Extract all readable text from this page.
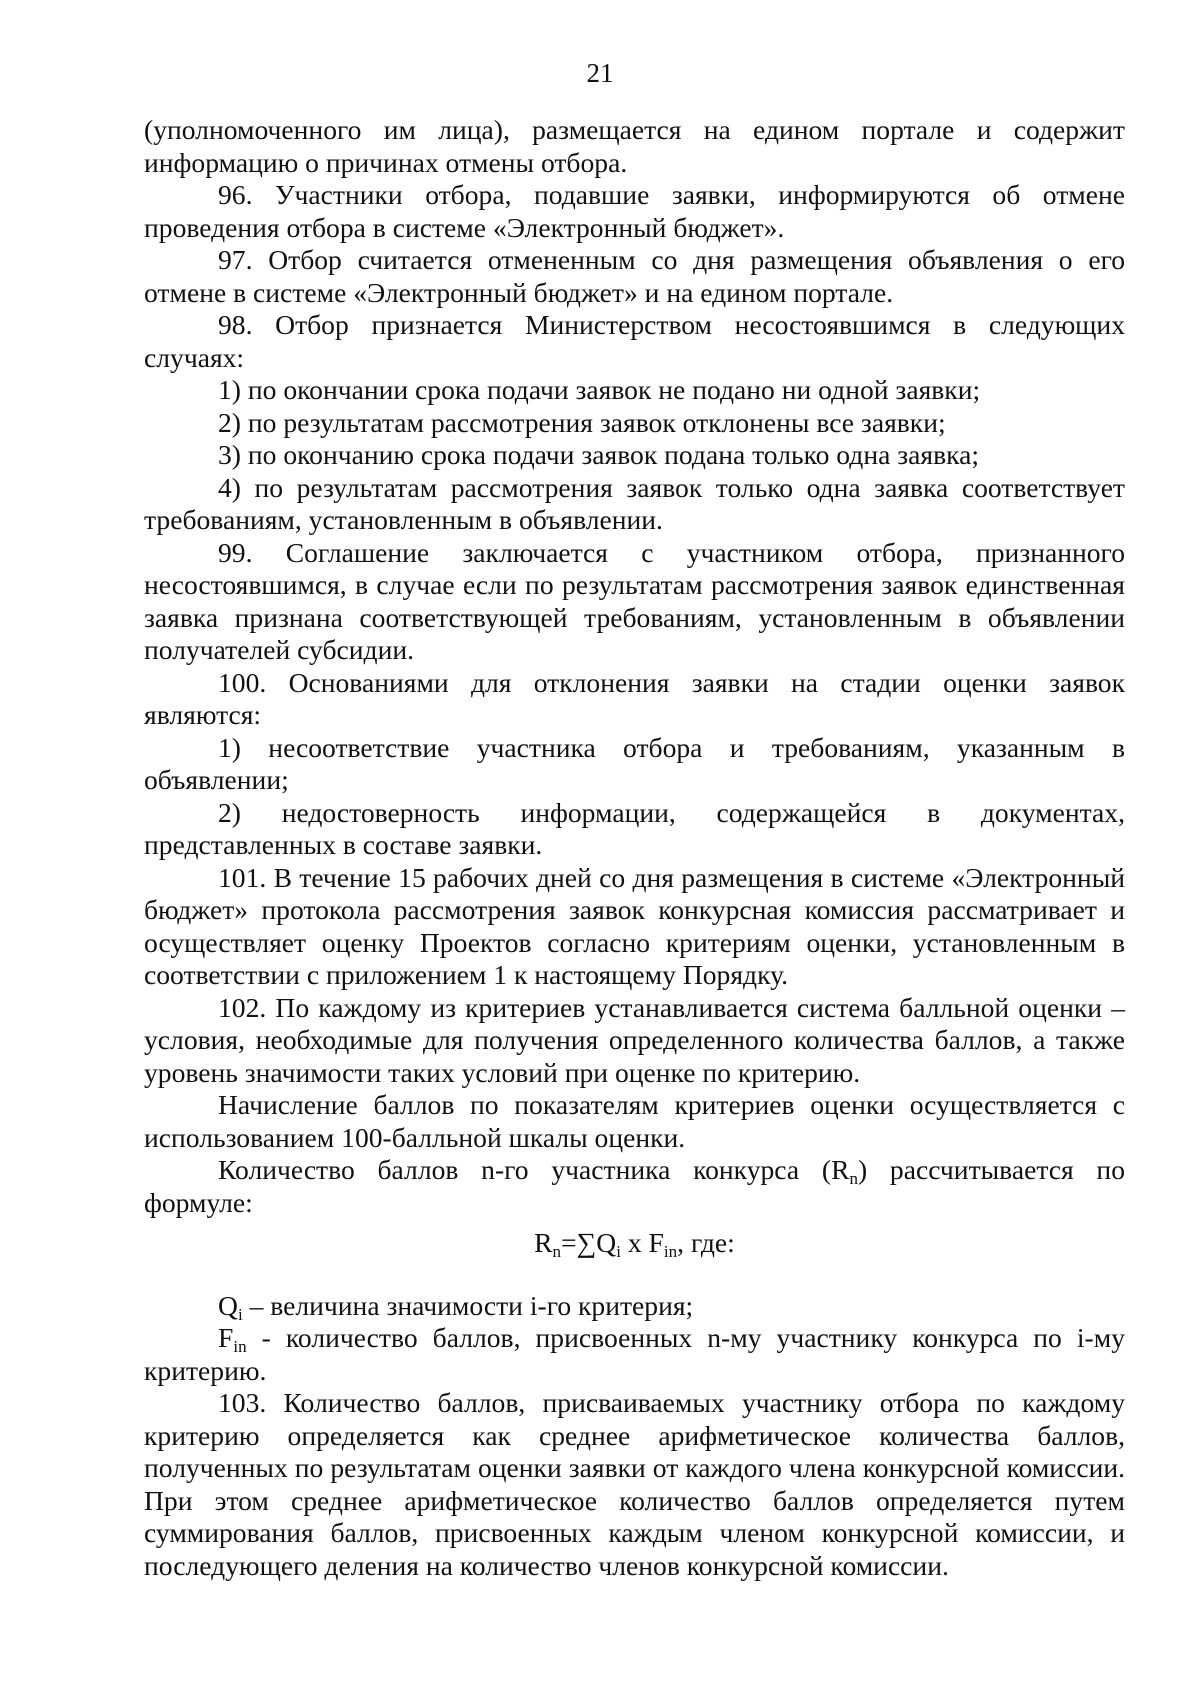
21

(уполномоченного им лица), размещается на едином портале и содержит информацию о причинах отмены отбора.

96. Участники отбора, подавшие заявки, информируются об отмене проведения отбора в системе «Электронный бюджет».

97. Отбор считается отмененным со дня размещения объявления о его отмене в системе «Электронный бюджет» и на едином портале.

98. Отбор признается Министерством несостоявшимся в следующих случаях:

1) по окончании срока подачи заявок не подано ни одной заявки;

2) по результатам рассмотрения заявок отклонены все заявки;

3) по окончанию срока подачи заявок подана только одна заявка;

4) по результатам рассмотрения заявок только одна заявка соответствует требованиям, установленным в объявлении.

99. Соглашение заключается с участником отбора, признанного несостоявшимся, в случае если по результатам рассмотрения заявок единственная заявка признана соответствующей требованиям, установленным в объявлении получателей субсидии.

100. Основаниями для отклонения заявки на стадии оценки заявок являются:

1) несоответствие участника отбора и требованиям, указанным в объявлении;

2) недостоверность информации, содержащейся в документах, представленных в составе заявки.

101. В течение 15 рабочих дней со дня размещения в системе «Электронный бюджет» протокола рассмотрения заявок конкурсная комиссия рассматривает и осуществляет оценку Проектов согласно критериям оценки, установленным в соответствии с приложением 1 к настоящему Порядку.

102. По каждому из критериев устанавливается система балльной оценки – условия, необходимые для получения определенного количества баллов, а также уровень значимости таких условий при оценке по критерию.

Начисление баллов по показателям критериев оценки осуществляется с использованием 100-балльной шкалы оценки.

Количество баллов n-го участника конкурса $(R_n)$ рассчитывается по формуле:

$R_n=\sum Q_i$ x $F_{in}$, где:

$Q_i$ – величина значимости i-го критерия;

$F_{in}$ - количество баллов, присвоенных n-му участнику конкурса по i-му критерию.

103. Количество баллов, присваиваемых участнику отбора по каждому критерию определяется как среднее арифметическое количества баллов, полученных по результатам оценки заявки от каждого члена конкурсной комиссии. При этом среднее арифметическое количество баллов определяется путем суммирования баллов, присвоенных каждым членом конкурсной комиссии, и последующего деления на количество членов конкурсной комиссии.
